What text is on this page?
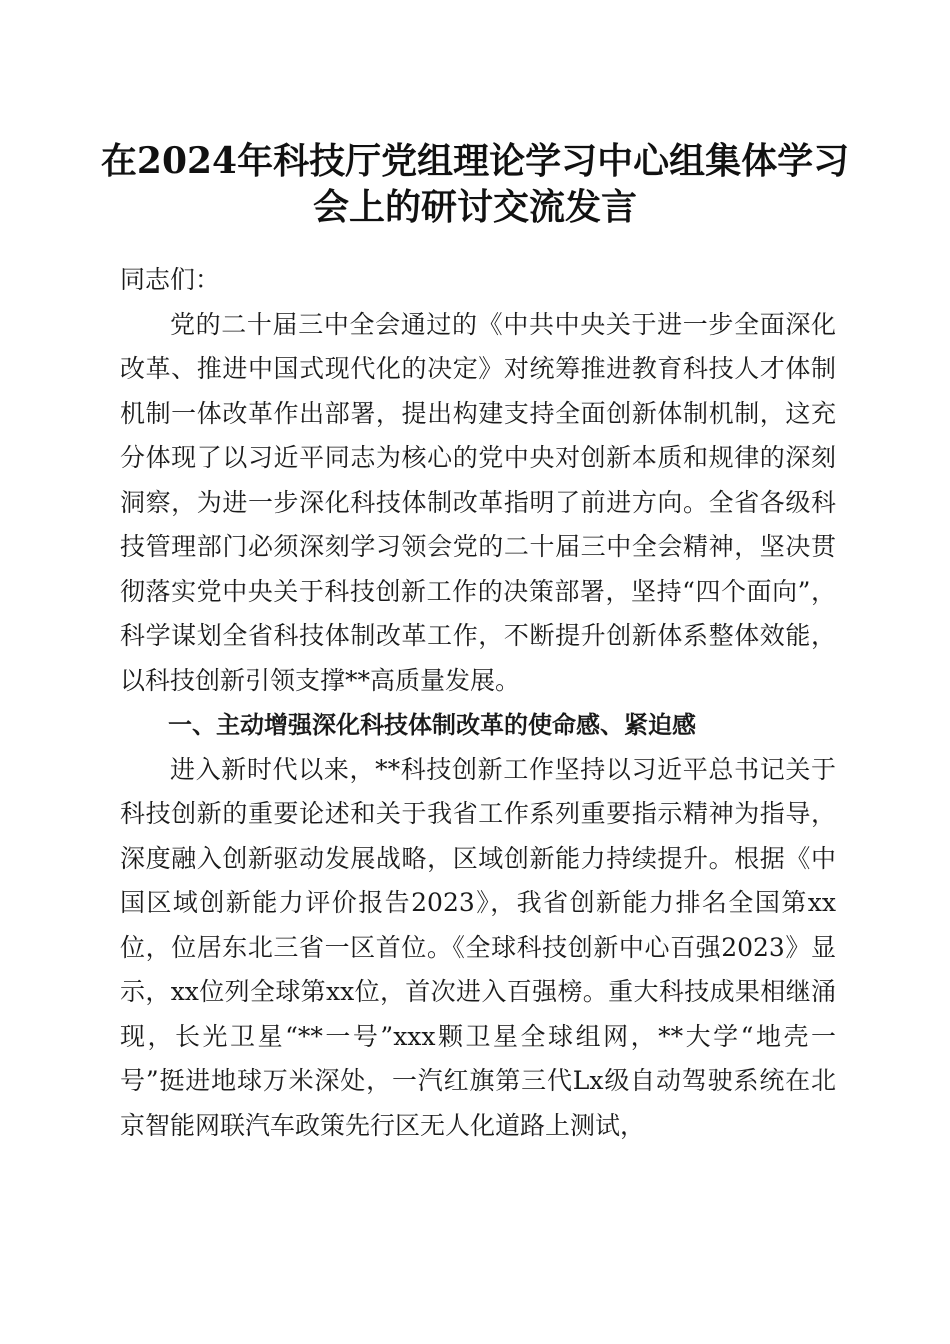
在2024年科技厅党组理论学习中心组集体学习会上的研讨交流发言

同志们：

党的二十届三中全会通过的《中共中央关于进一步全面深化改革、推进中国式现代化的决定》对统筹推进教育科技人才体制机制一体改革作出部署，提出构建支持全面创新体制机制，这充分体现了以习近平同志为核心的党中央对创新本质和规律的深刻洞察，为进一步深化科技体制改革指明了前进方向。全省各级科技管理部门必须深刻学习领会党的二十届三中全会精神，坚决贯彻落实党中央关于科技创新工作的决策部署，坚持“四个面向”，科学谋划全省科技体制改革工作，不断提升创新体系整体效能，以科技创新引领支撑**高质量发展。

一、主动增强深化科技体制改革的使命感、紧迫感

进入新时代以来，**科技创新工作坚持以习近平总书记关于科技创新的重要论述和关于我省工作系列重要指示精神为指导，深度融入创新驱动发展战略，区域创新能力持续提升。根据《中国区域创新能力评价报告2023》，我省创新能力排名全国第xx位，位居东北三省一区首位。《全球科技创新中心百强2023》显示，xx位列全球第xx位，首次进入百强榜。重大科技成果相继涌现，长光卫星“**一号”xxx颗卫星全球组网，**大学“地壳一号”挺进地球万米深处，一汽红旗第三代Lx级自动驾驶系统在北京智能网联汽车政策先行区无人化道路上测试，
